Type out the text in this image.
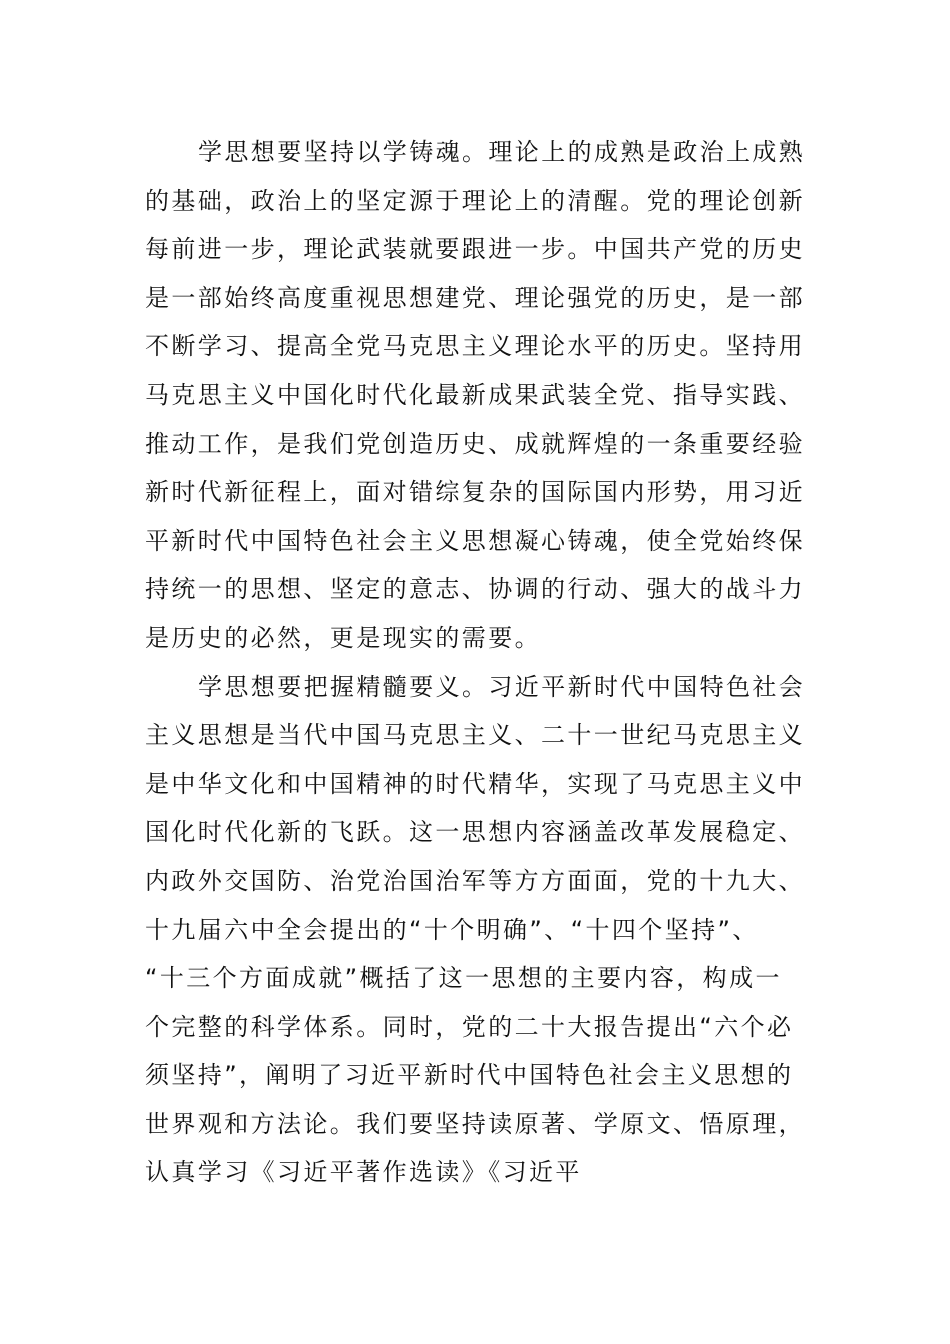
学思想要坚持以学铸魂。理论上的成熟是政治上成熟
的基础，政治上的坚定源于理论上的清醒。党的理论创新
每前进一步，理论武装就要跟进一步。中国共产党的历史
是一部始终高度重视思想建党、理论强党的历史，是一部
不断学习、提高全党马克思主义理论水平的历史。坚持用
马克思主义中国化时代化最新成果武装全党、指导实践、
推动工作，是我们党创造历史、成就辉煌的一条重要经验
新时代新征程上，面对错综复杂的国际国内形势，用习近
平新时代中国特色社会主义思想凝心铸魂，使全党始终保
持统一的思想、坚定的意志、协调的行动、强大的战斗力
是历史的必然，更是现实的需要。
学思想要把握精髓要义。习近平新时代中国特色社会
主义思想是当代中国马克思主义、二十一世纪马克思主义
是中华文化和中国精神的时代精华，实现了马克思主义中
国化时代化新的飞跃。这一思想内容涵盖改革发展稳定、
内政外交国防、治党治国治军等方方面面，党的十九大、
十九届六中全会提出的“十个明确”、“十四个坚持”、
“十三个方面成就”概括了这一思想的主要内容，构成一
个完整的科学体系。同时，党的二十大报告提出“六个必
须坚持”，阐明了习近平新时代中国特色社会主义思想的
世界观和方法论。我们要坚持读原著、学原文、悟原理，
认真学习《习近平著作选读》《习近平
